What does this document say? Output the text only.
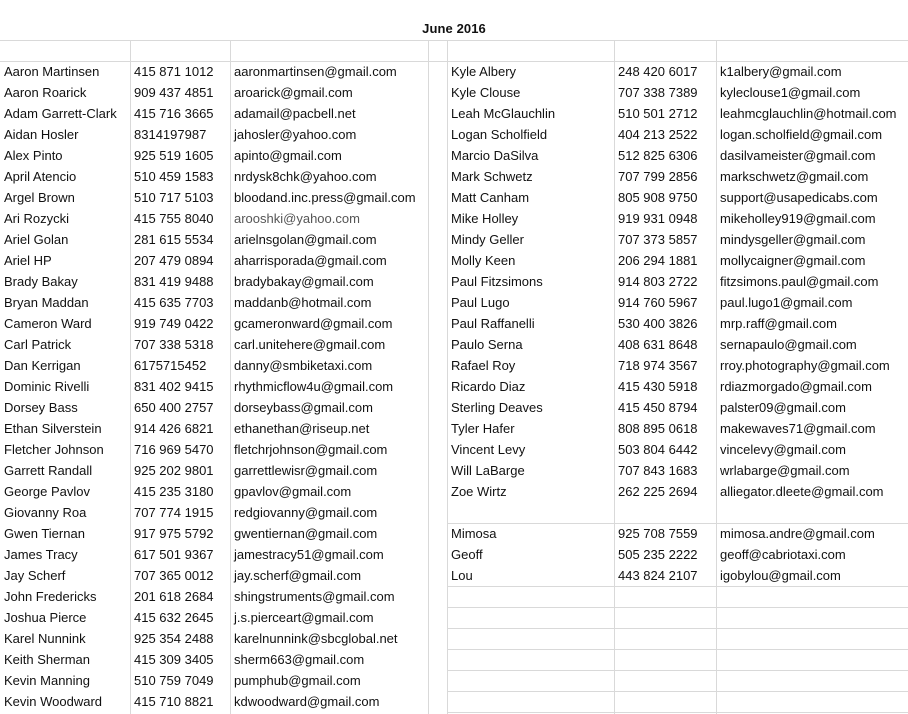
June 2016
Aaron Martinsen	415 871 1012	aaronmartinsen@gmail.com		Kyle Albery	248 420 6017	k1albery@gmail.com
Aaron Roarick	909 437 4851	aroarick@gmail.com		Kyle Clouse	707 338 7389	kyleclouse1@gmail.com
Adam Garrett-Clark	415 716 3665	adamail@pacbell.net		Leah McGlauchlin	510 501 2712	leahmcglauchlin@hotmail.com
Aidan Hosler	8314197987	jahosler@yahoo.com		Logan Scholfield	404 213 2522	logan.scholfield@gmail.com
Alex Pinto	925 519 1605	apinto@gmail.com		Marcio DaSilva	512 825 6306	dasilvameister@gmail.com
April Atencio	510 459 1583	nrdysk8chk@yahoo.com		Mark Schwetz	707 799 2856	markschwetz@gmail.com
Argel Brown	510 717 5103	bloodand.inc.press@gmail.com		Matt Canham	805 908 9750	support@usapedicabs.com
Ari Rozycki	415 755 8040	arooshki@yahoo.com		Mike Holley	919 931 0948	mikeholley919@gmail.com
Ariel Golan	281 615 5534	arielnsgolan@gmail.com		Mindy Geller	707 373 5857	mindysgeller@gmail.com
Ariel HP	207 479 0894	aharrisporada@gmail.com		Molly Keen	206 294 1881	mollycaigner@gmail.com
Brady Bakay	831 419 9488	bradybakay@gmail.com		Paul Fitzsimons	914 803 2722	fitzsimons.paul@gmail.com
Bryan Maddan	415 635 7703	maddanb@hotmail.com		Paul Lugo	914 760 5967	paul.lugo1@gmail.com
Cameron Ward	919 749 0422	gcameronward@gmail.com		Paul Raffanelli	530 400 3826	mrp.raff@gmail.com
Carl Patrick	707 338 5318	carl.unitehere@gmail.com		Paulo Serna	408 631 8648	sernapaulo@gmail.com
Dan Kerrigan	6175715452	danny@smbiketaxi.com		Rafael Roy	718 974 3567	rroy.photography@gmail.com
Dominic Rivelli	831 402 9415	rhythmicflow4u@gmail.com		Ricardo Diaz	415 430 5918	rdiazmorgado@gmail.com
Dorsey Bass	650 400 2757	dorseybass@gmail.com		Sterling Deaves	415 450 8794	palster09@gmail.com
Ethan Silverstein	914 426 6821	ethanethan@riseup.net		Tyler Hafer	808 895 0618	makewaves71@gmail.com
Fletcher Johnson	716 969 5470	fletchrjohnson@gmail.com		Vincent Levy	503 804 6442	vincelevy@gmail.com
Garrett Randall	925 202 9801	garrettlewisr@gmail.com		Will LaBarge	707 843 1683	wrlabarge@gmail.com
George Pavlov	415 235 3180	gpavlov@gmail.com		Zoe Wirtz	262 225 2694	alliegator.dleete@gmail.com
Giovanny Roa	707 774 1915	redgiovanny@gmail.com				
Gwen Tiernan	917 975 5792	gwentiernan@gmail.com		Mimosa	925 708 7559	mimosa.andre@gmail.com
James Tracy	617 501 9367	jamestracy51@gmail.com		Geoff	505 235 2222	geoff@cabriotaxi.com
Jay Scherf	707 365 0012	jay.scherf@gmail.com		Lou	443 824 2107	igobylou@gmail.com
John Fredericks	201 618 2684	shingstruments@gmail.com				
Joshua Pierce	415 632 2645	j.s.pierceart@gmail.com				
Karel Nunnink	925 354 2488	karelnunnink@sbcglobal.net				
Keith Sherman	415 309 3405	sherm663@gmail.com				
Kevin Manning	510 759 7049	pumphub@gmail.com				
Kevin Woodward	415 710 8821	kdwoodward@gmail.com				
